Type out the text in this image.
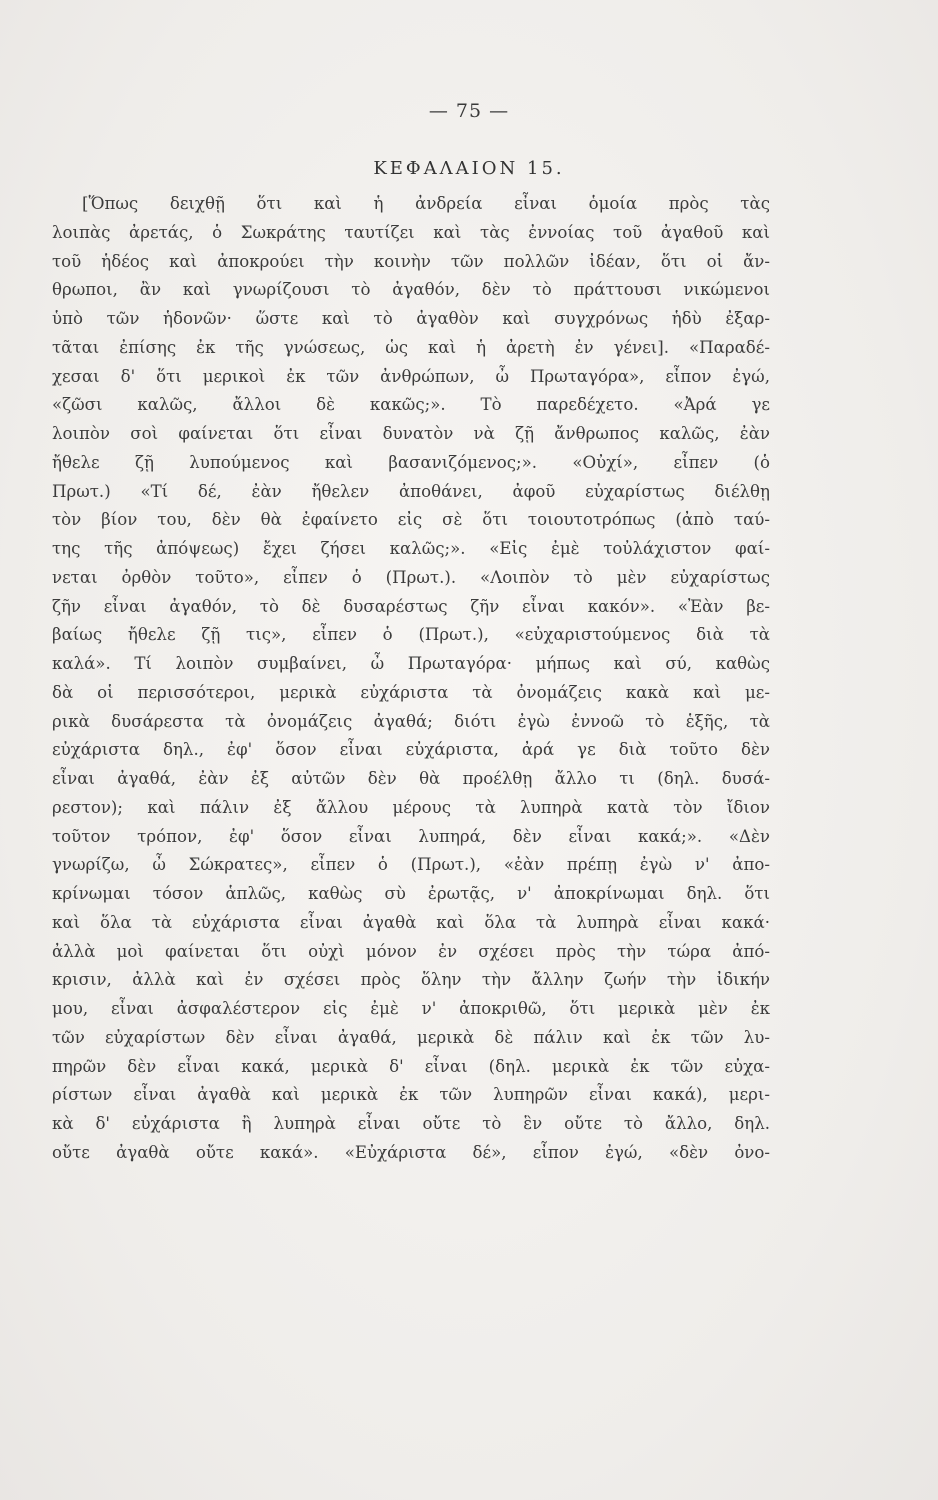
— 75 —
ΚΕΦΑΛΑΙΟΝ 15.
[Ὅπως δειχθῇ ὅτι καὶ ἡ ἀνδρεία εἶναι ὁμοία πρὸς τὰς
λοιπὰς ἀρετάς, ὁ Σωκράτης ταυτίζει καὶ τὰς ἐννοίας τοῦ ἀγαθοῦ καὶ
τοῦ ἡδέος καὶ ἀποκρούει τὴν κοινὴν τῶν πολλῶν ἰδέαν, ὅτι οἱ ἄν-
θρωποι, ἂν καὶ γνωρίζουσι τὸ ἀγαθόν, δὲν τὸ πράττουσι νικώμενοι
ὑπὸ τῶν ἡδονῶν· ὥστε καὶ τὸ ἀγαθὸν καὶ συγχρόνως ἡδὺ ἐξαρ-
τᾶται ἐπίσης ἐκ τῆς γνώσεως, ὡς καὶ ἡ ἀρετὴ ἐν γένει]. «Παραδέ-
χεσαι δ' ὅτι μερικοὶ ἐκ τῶν ἀνθρώπων, ὦ Πρωταγόρα», εἶπον ἐγώ,
«ζῶσι καλῶς, ἄλλοι δὲ κακῶς;». Τὸ παρεδέχετο. «Ἀρά γε
λοιπὸν σοὶ φαίνεται ὅτι εἶναι δυνατὸν νὰ ζῇ ἄνθρωπος καλῶς, ἐὰν
ἤθελε ζῇ λυπούμενος καὶ βασανιζόμενος;». «Οὐχί», εἶπεν (ὁ
Πρωτ.) «Τί δέ, ἐὰν ἤθελεν ἀποθάνει, ἀφοῦ εὐχαρίστως διέλθῃ
τὸν βίον του, δὲν θὰ ἐφαίνετο εἰς σὲ ὅτι τοιουτοτρόπως (ἀπὸ ταύ-
της τῆς ἀπόψεως) ἔχει ζήσει καλῶς;». «Εἰς ἐμὲ τοὐλάχιστον φαί-
νεται ὀρθὸν τοῦτο», εἶπεν ὁ (Πρωτ.). «Λοιπὸν τὸ μὲν εὐχαρίστως
ζῆν εἶναι ἀγαθόν, τὸ δὲ δυσαρέστως ζῆν εἶναι κακόν». «Ἐὰν βε-
βαίως ἤθελε ζῇ τις», εἶπεν ὁ (Πρωτ.), «εὐχαριστούμενος διὰ τὰ
καλά». Τί λοιπὸν συμβαίνει, ὦ Πρωταγόρα· μήπως καὶ σύ, καθὼς
δὰ οἱ περισσότεροι, μερικὰ εὐχάριστα τὰ ὀνομάζεις κακὰ καὶ με-
ρικὰ δυσάρεστα τὰ ὀνομάζεις ἀγαθά; διότι ἐγὼ ἐννοῶ τὸ ἑξῆς, τὰ
εὐχάριστα δηλ., ἐφ' ὅσον εἶναι εὐχάριστα, ἀρά γε διὰ τοῦτο δὲν
εἶναι ἀγαθά, ἐὰν ἐξ αὐτῶν δὲν θὰ προέλθῃ ἄλλο τι (δηλ. δυσά-
ρεστον); καὶ πάλιν ἐξ ἄλλου μέρους τὰ λυπηρὰ κατὰ τὸν ἴδιον
τοῦτον τρόπον, ἐφ' ὅσον εἶναι λυπηρά, δὲν εἶναι κακά;». «Δὲν
γνωρίζω, ὦ Σώκρατες», εἶπεν ὁ (Πρωτ.), «ἐὰν πρέπῃ ἐγὼ ν' ἀπο-
κρίνωμαι τόσον ἁπλῶς, καθὼς σὺ ἐρωτᾷς, ν' ἀποκρίνωμαι δηλ. ὅτι
καὶ ὅλα τὰ εὐχάριστα εἶναι ἀγαθὰ καὶ ὅλα τὰ λυπηρὰ εἶναι κακά·
ἀλλὰ μοὶ φαίνεται ὅτι οὐχὶ μόνον ἐν σχέσει πρὸς τὴν τώρα ἀπό-
κρισιν, ἀλλὰ καὶ ἐν σχέσει πρὸς ὅλην τὴν ἄλλην ζωήν τὴν ἰδικήν
μου, εἶναι ἀσφαλέστερον εἰς ἐμὲ ν' ἀποκριθῶ, ὅτι μερικὰ μὲν ἐκ
τῶν εὐχαρίστων δὲν εἶναι ἀγαθά, μερικὰ δὲ πάλιν καὶ ἐκ τῶν λυ-
πηρῶν δὲν εἶναι κακά, μερικὰ δ' εἶναι (δηλ. μερικὰ ἐκ τῶν εὐχα-
ρίστων εἶναι ἀγαθὰ καὶ μερικὰ ἐκ τῶν λυπηρῶν εἶναι κακά), μερι-
κὰ δ' εὐχάριστα ἢ λυπηρὰ εἶναι οὔτε τὸ ἓν οὔτε τὸ ἄλλο, δηλ.
οὔτε ἀγαθὰ οὔτε κακά». «Εὐχάριστα δέ», εἶπον ἐγώ, «δὲν ὀνο-
